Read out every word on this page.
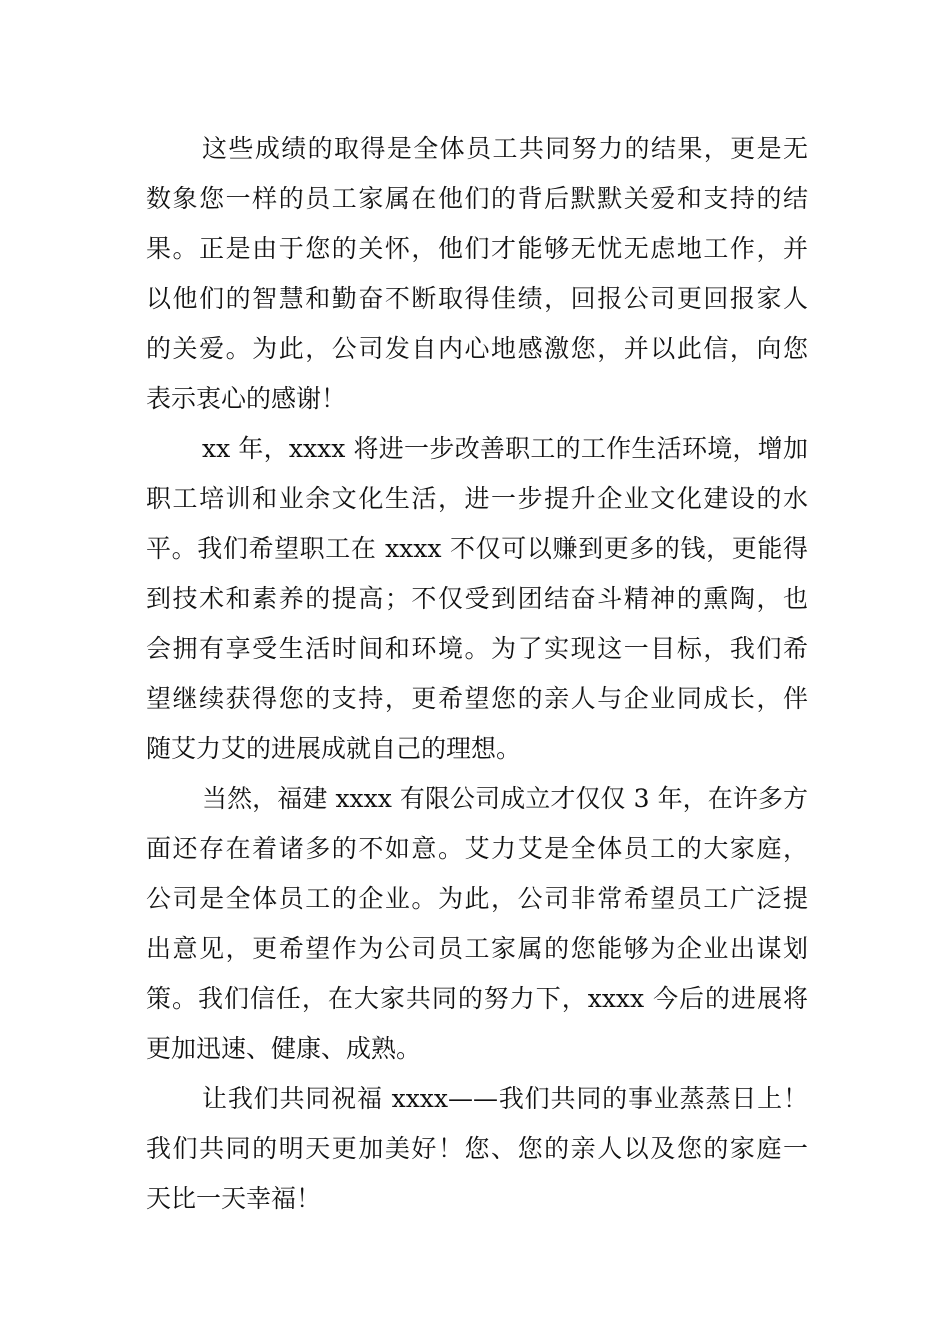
这些成绩的取得是全体员工共同努力的结果，更是无
数象您一样的员工家属在他们的背后默默关爱和支持的结
果。正是由于您的关怀，他们才能够无忧无虑地工作，并
以他们的智慧和勤奋不断取得佳绩，回报公司更回报家人
的关爱。为此，公司发自内心地感激您，并以此信，向您
表示衷心的感谢！
xx 年，xxxx 将进一步改善职工的工作生活环境，增加
职工培训和业余文化生活，进一步提升企业文化建设的水
平。我们希望职工在 xxxx 不仅可以赚到更多的钱，更能得
到技术和素养的提高；不仅受到团结奋斗精神的熏陶，也
会拥有享受生活时间和环境。为了实现这一目标，我们希
望继续获得您的支持，更希望您的亲人与企业同成长，伴
随艾力艾的进展成就自己的理想。
当然，福建 xxxx 有限公司成立才仅仅 3 年，在许多方
面还存在着诸多的不如意。艾力艾是全体员工的大家庭，
公司是全体员工的企业。为此，公司非常希望员工广泛提
出意见，更希望作为公司员工家属的您能够为企业出谋划
策。我们信任，在大家共同的努力下，xxxx 今后的进展将
更加迅速、健康、成熟。
让我们共同祝福 xxxx——我们共同的事业蒸蒸日上！
我们共同的明天更加美好！您、您的亲人以及您的家庭一
天比一天幸福！
